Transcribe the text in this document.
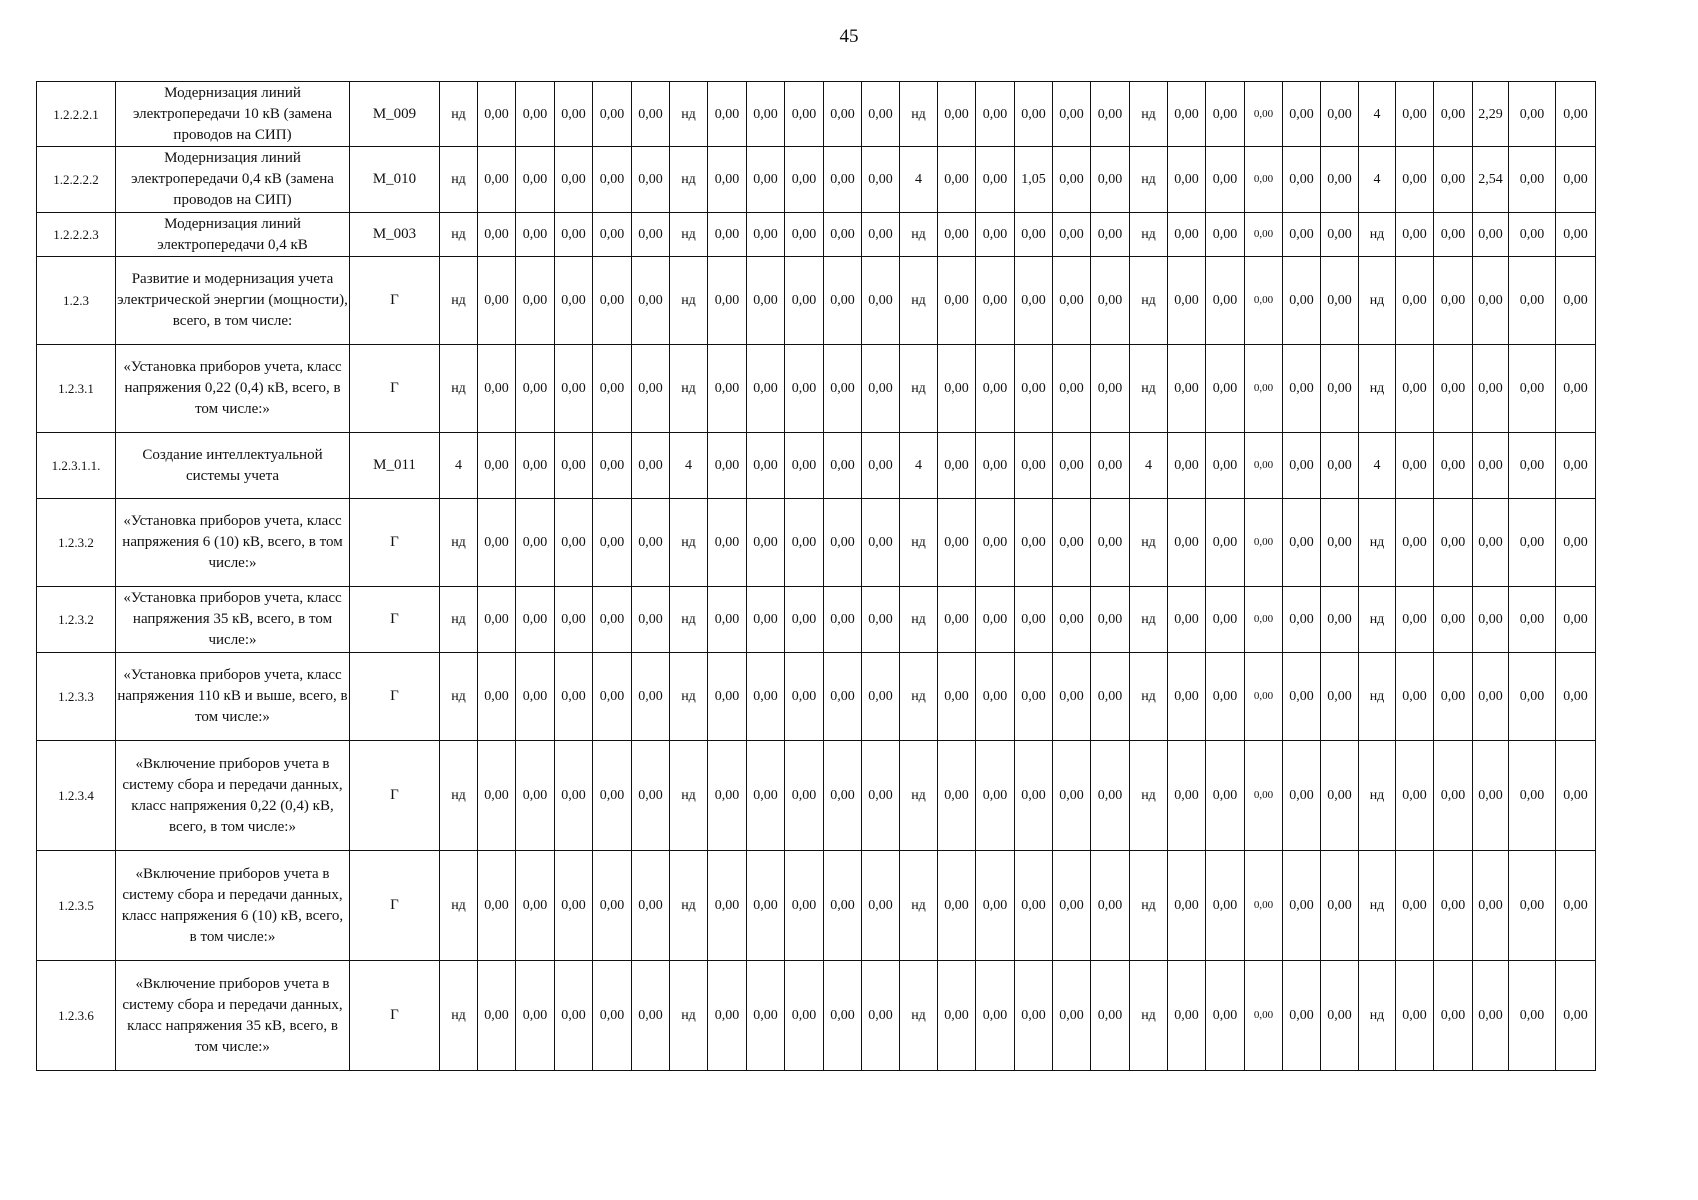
45
1.2.2.2.1	Модернизация линий электропередачи 10 кВ (замена проводов на СИП)	М_009	нд	0,00	0,00	0,00	0,00	0,00	нд	0,00	0,00	0,00	0,00	0,00	нд	0,00	0,00	0,00	0,00	0,00	нд	0,00	0,00	0,00	0,00	0,00	4	0,00	0,00	2,29	0,00	0,00
1.2.2.2.2	Модернизация линий электропередачи 0,4 кВ (замена проводов на СИП)	М_010	нд	0,00	0,00	0,00	0,00	0,00	нд	0,00	0,00	0,00	0,00	0,00	4	0,00	0,00	1,05	0,00	0,00	нд	0,00	0,00	0,00	0,00	0,00	4	0,00	0,00	2,54	0,00	0,00
1.2.2.2.3	Модернизация линий электропередачи 0,4 кВ	М_003	нд	0,00	0,00	0,00	0,00	0,00	нд	0,00	0,00	0,00	0,00	0,00	нд	0,00	0,00	0,00	0,00	0,00	нд	0,00	0,00	0,00	0,00	0,00	нд	0,00	0,00	0,00	0,00	0,00
1.2.3	Развитие и модернизация учета электрической энергии (мощности), всего, в том числе:	Г	нд	0,00	0,00	0,00	0,00	0,00	нд	0,00	0,00	0,00	0,00	0,00	нд	0,00	0,00	0,00	0,00	0,00	нд	0,00	0,00	0,00	0,00	0,00	нд	0,00	0,00	0,00	0,00	0,00
1.2.3.1	«Установка приборов учета, класс напряжения 0,22 (0,4) кВ, всего, в том числе:»	Г	нд	0,00	0,00	0,00	0,00	0,00	нд	0,00	0,00	0,00	0,00	0,00	нд	0,00	0,00	0,00	0,00	0,00	нд	0,00	0,00	0,00	0,00	0,00	нд	0,00	0,00	0,00	0,00	0,00
1.2.3.1.1.	Создание интеллектуальной системы учета	М_011	4	0,00	0,00	0,00	0,00	0,00	4	0,00	0,00	0,00	0,00	0,00	4	0,00	0,00	0,00	0,00	0,00	4	0,00	0,00	0,00	0,00	0,00	4	0,00	0,00	0,00	0,00	0,00
1.2.3.2	«Установка приборов учета, класс напряжения 6 (10) кВ, всего, в том числе:»	Г	нд	0,00	0,00	0,00	0,00	0,00	нд	0,00	0,00	0,00	0,00	0,00	нд	0,00	0,00	0,00	0,00	0,00	нд	0,00	0,00	0,00	0,00	0,00	нд	0,00	0,00	0,00	0,00	0,00
1.2.3.2	«Установка приборов учета, класс напряжения 35 кВ, всего, в том числе:»	Г	нд	0,00	0,00	0,00	0,00	0,00	нд	0,00	0,00	0,00	0,00	0,00	нд	0,00	0,00	0,00	0,00	0,00	нд	0,00	0,00	0,00	0,00	0,00	нд	0,00	0,00	0,00	0,00	0,00
1.2.3.3	«Установка приборов учета, класс напряжения 110 кВ и выше, всего, в том числе:»	Г	нд	0,00	0,00	0,00	0,00	0,00	нд	0,00	0,00	0,00	0,00	0,00	нд	0,00	0,00	0,00	0,00	0,00	нд	0,00	0,00	0,00	0,00	0,00	нд	0,00	0,00	0,00	0,00	0,00
1.2.3.4	«Включение приборов учета в систему сбора и передачи данных, класс напряжения 0,22 (0,4) кВ, всего, в том числе:»	Г	нд	0,00	0,00	0,00	0,00	0,00	нд	0,00	0,00	0,00	0,00	0,00	нд	0,00	0,00	0,00	0,00	0,00	нд	0,00	0,00	0,00	0,00	0,00	нд	0,00	0,00	0,00	0,00	0,00
1.2.3.5	«Включение приборов учета в систему сбора и передачи данных, класс напряжения 6 (10) кВ, всего, в том числе:»	Г	нд	0,00	0,00	0,00	0,00	0,00	нд	0,00	0,00	0,00	0,00	0,00	нд	0,00	0,00	0,00	0,00	0,00	нд	0,00	0,00	0,00	0,00	0,00	нд	0,00	0,00	0,00	0,00	0,00
1.2.3.6	«Включение приборов учета в систему сбора и передачи данных, класс напряжения 35 кВ, всего, в том числе:»	Г	нд	0,00	0,00	0,00	0,00	0,00	нд	0,00	0,00	0,00	0,00	0,00	нд	0,00	0,00	0,00	0,00	0,00	нд	0,00	0,00	0,00	0,00	0,00	нд	0,00	0,00	0,00	0,00	0,00
